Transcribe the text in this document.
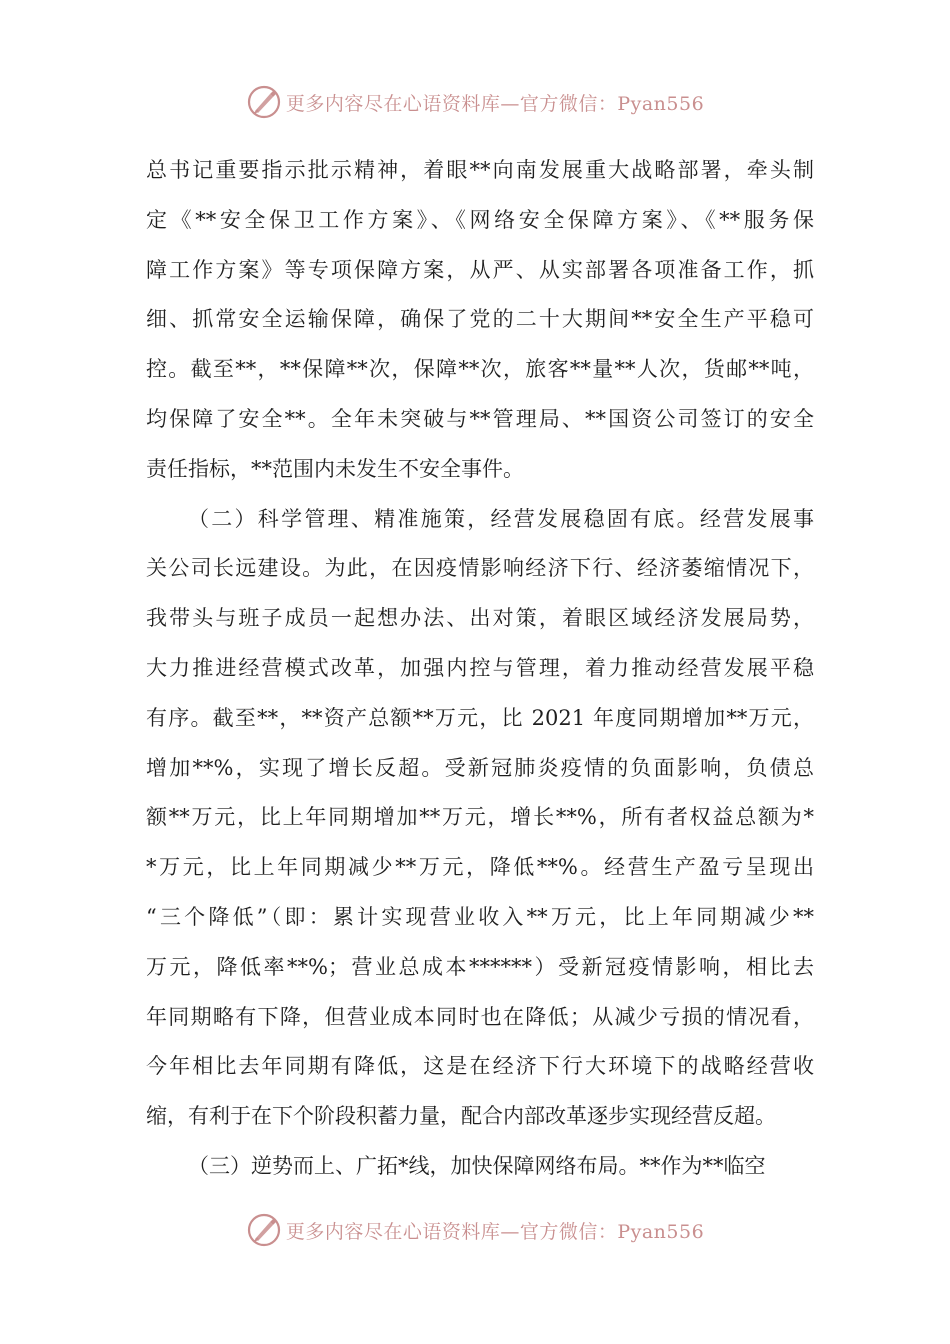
更多内容尽在心语资料库—官方微信：Pyan556
总书记重要指示批示精神，着眼**向南发展重大战略部署，牵头制
定《**安全保卫工作方案》、《网络安全保障方案》、《**服务保
障工作方案》等专项保障方案，从严、从实部署各项准备工作，抓
细、抓常安全运输保障，确保了党的二十大期间**安全生产平稳可
控。截至**，**保障**次，保障**次，旅客**量**人次，货邮**吨，
均保障了安全**。全年未突破与**管理局、**国资公司签订的安全
责任指标，**范围内未发生不安全事件。
（二）科学管理、精准施策，经营发展稳固有底。经营发展事
关公司长远建设。为此，在因疫情影响经济下行、经济萎缩情况下，
我带头与班子成员一起想办法、出对策，着眼区域经济发展局势，
大力推进经营模式改革，加强内控与管理，着力推动经营发展平稳
有序。截至**，**资产总额**万元，比 2021 年度同期增加**万元，
增加**%，实现了增长反超。受新冠肺炎疫情的负面影响，负债总
额**万元，比上年同期增加**万元，增长**%，所有者权益总额为*
*万元，比上年同期减少**万元，降低**%。经营生产盈亏呈现出
“三个降低”（即：累计实现营业收入**万元，比上年同期减少**
万元，降低率**%；营业总成本******）受新冠疫情影响，相比去
年同期略有下降，但营业成本同时也在降低；从减少亏损的情况看，
今年相比去年同期有降低，这是在经济下行大环境下的战略经营收
缩，有利于在下个阶段积蓄力量，配合内部改革逐步实现经营反超。
（三）逆势而上、广拓*线，加快保障网络布局。**作为**临空
更多内容尽在心语资料库—官方微信：Pyan556
